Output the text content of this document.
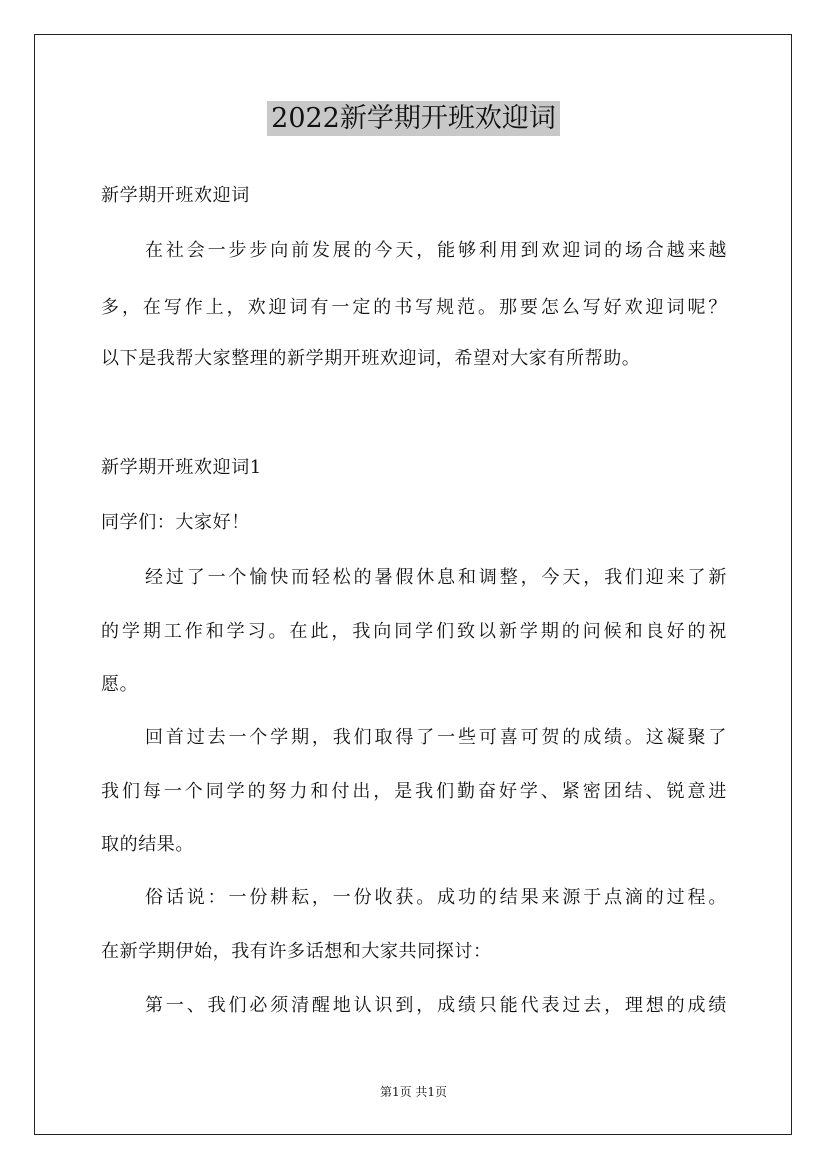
2022新学期开班欢迎词
新学期开班欢迎词
在社会一步步向前发展的今天，能够利用到欢迎词的场合越来越
多，在写作上，欢迎词有一定的书写规范。那要怎么写好欢迎词呢？
以下是我帮大家整理的新学期开班欢迎词，希望对大家有所帮助。
新学期开班欢迎词1
同学们：大家好！
经过了一个愉快而轻松的暑假休息和调整，今天，我们迎来了新
的学期工作和学习。在此，我向同学们致以新学期的问候和良好的祝
愿。
回首过去一个学期，我们取得了一些可喜可贺的成绩。这凝聚了
我们每一个同学的努力和付出，是我们勤奋好学、紧密团结、锐意进
取的结果。
俗话说：一份耕耘，一份收获。成功的结果来源于点滴的过程。
在新学期伊始，我有许多话想和大家共同探讨：
第一、我们必须清醒地认识到，成绩只能代表过去，理想的成绩
第1页 共1页
